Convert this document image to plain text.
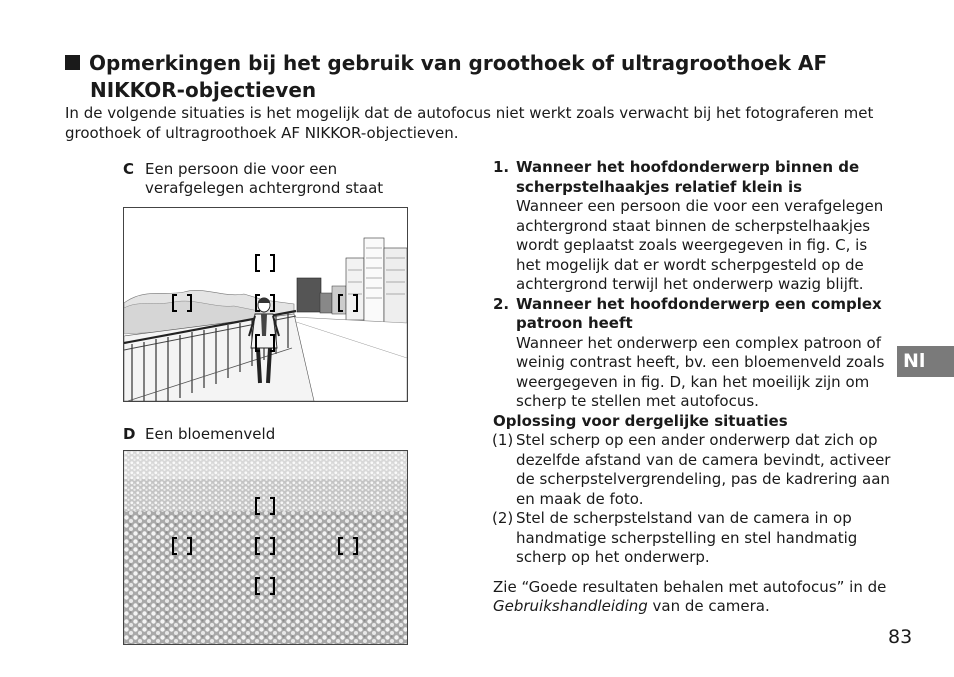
Opmerkingen bij het gebruik van groothoek of ultragroothoek AF
NIKKOR-objectieven
In de volgende situaties is het mogelijk dat de autofocus niet werkt zoals verwacht bij het fotograferen met groothoek of ultragroothoek AF NIKKOR-objectieven.
C Een persoon die voor een
verafgelegen achtergrond staat
D Een bloemenveld
1. Wanneer het hoofdonderwerp binnen de scherpstelhaakjes relatief klein is
Wanneer een persoon die voor een verafgelegen achtergrond staat binnen de scherpstelhaakjes wordt geplaatst zoals weergegeven in fig. C, is het mogelijk dat er wordt scherpgesteld op de achtergrond terwijl het onderwerp wazig blijft.
2. Wanneer het hoofdonderwerp een complex patroon heeft
Wanneer het onderwerp een complex patroon of weinig contrast heeft, bv. een bloemenveld zoals weergegeven in fig. D, kan het moeilijk zijn om scherp te stellen met autofocus.
Oplossing voor dergelijke situaties
(1) Stel scherp op een ander onderwerp dat zich op dezelfde afstand van de camera bevindt, activeer de scherpstelvergrendeling, pas de kadrering aan en maak de foto.
(2) Stel de scherpstelstand van de camera in op handmatige scherpstelling en stel handmatig scherp op het onderwerp.
Zie “Goede resultaten behalen met autofocus” in de Gebruikshandleiding van de camera.
Nl
83
